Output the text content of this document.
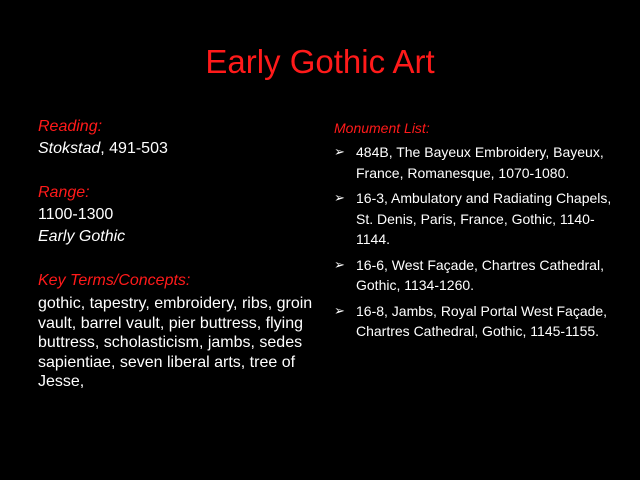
Early Gothic Art
Reading:
Stokstad, 491-503
Range:
1100-1300
Early Gothic
Key Terms/Concepts:
gothic, tapestry, embroidery, ribs, groin vault, barrel vault, pier buttress, flying buttress, scholasticism, jambs, sedes sapientiae, seven liberal arts, tree of Jesse,
Monument List:
➢ 484B, The Bayeux Embroidery, Bayeux, France, Romanesque, 1070-1080.
➢ 16-3, Ambulatory and Radiating Chapels, St. Denis, Paris, France, Gothic, 1140-1144.
➢ 16-6, West Façade, Chartres Cathedral, Gothic, 1134-1260.
➢ 16-8, Jambs, Royal Portal West Façade, Chartres Cathedral, Gothic, 1145-1155.
